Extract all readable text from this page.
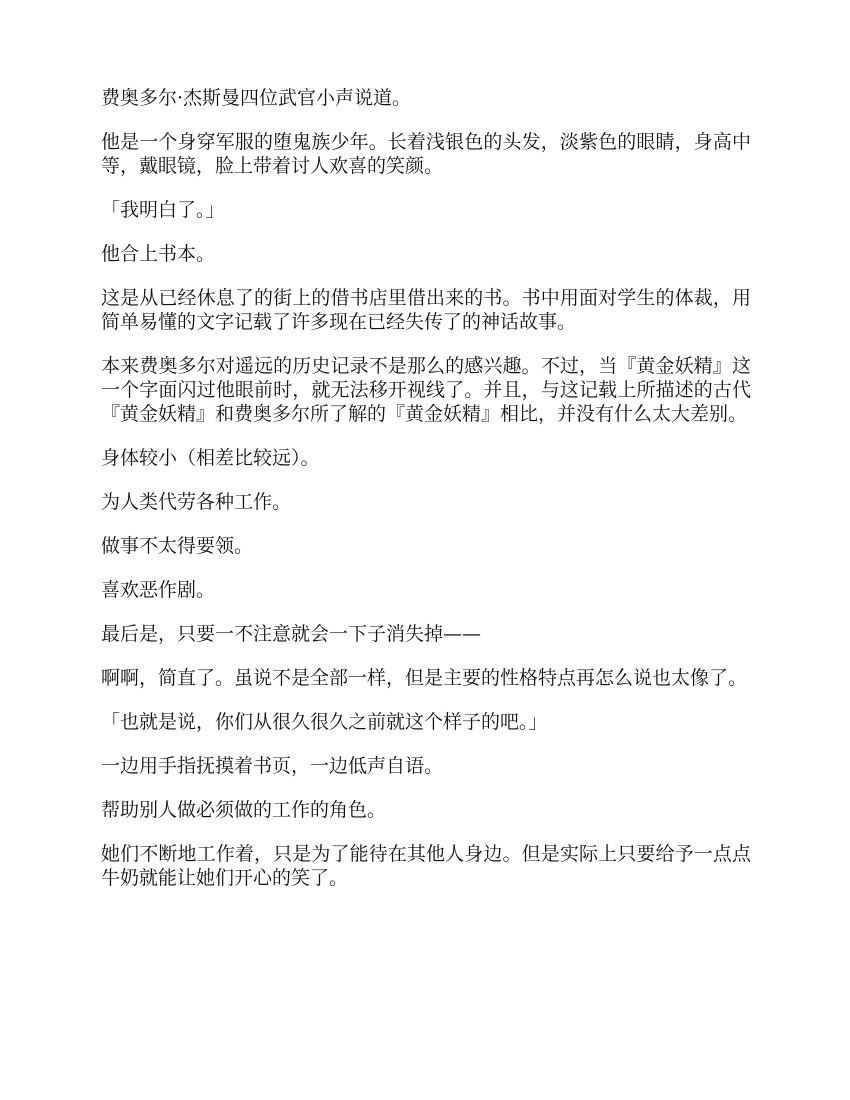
费奥多尔·杰斯曼四位武官小声说道。

他是一个身穿军服的堕鬼族少年。长着浅银色的头发，淡紫色的眼睛，身高中等，戴眼镜，脸上带着讨人欢喜的笑颜。

「我明白了。」

他合上书本。

这是从已经休息了的街上的借书店里借出来的书。书中用面对学生的体裁，用简单易懂的文字记载了许多现在已经失传了的神话故事。

本来费奥多尔对遥远的历史记录不是那么的感兴趣。不过，当『黄金妖精』这一个字面闪过他眼前时，就无法移开视线了。并且，与这记载上所描述的古代『黄金妖精』和费奥多尔所了解的『黄金妖精』相比，并没有什么太大差别。

身体较小（相差比较远）。

为人类代劳各种工作。

做事不太得要领。

喜欢恶作剧。

最后是，只要一不注意就会一下子消失掉——

啊啊，简直了。虽说不是全部一样，但是主要的性格特点再怎么说也太像了。

「也就是说，你们从很久很久之前就这个样子的吧。」

一边用手指抚摸着书页，一边低声自语。

帮助别人做必须做的工作的角色。

她们不断地工作着，只是为了能待在其他人身边。但是实际上只要给予一点点牛奶就能让她们开心的笑了。
